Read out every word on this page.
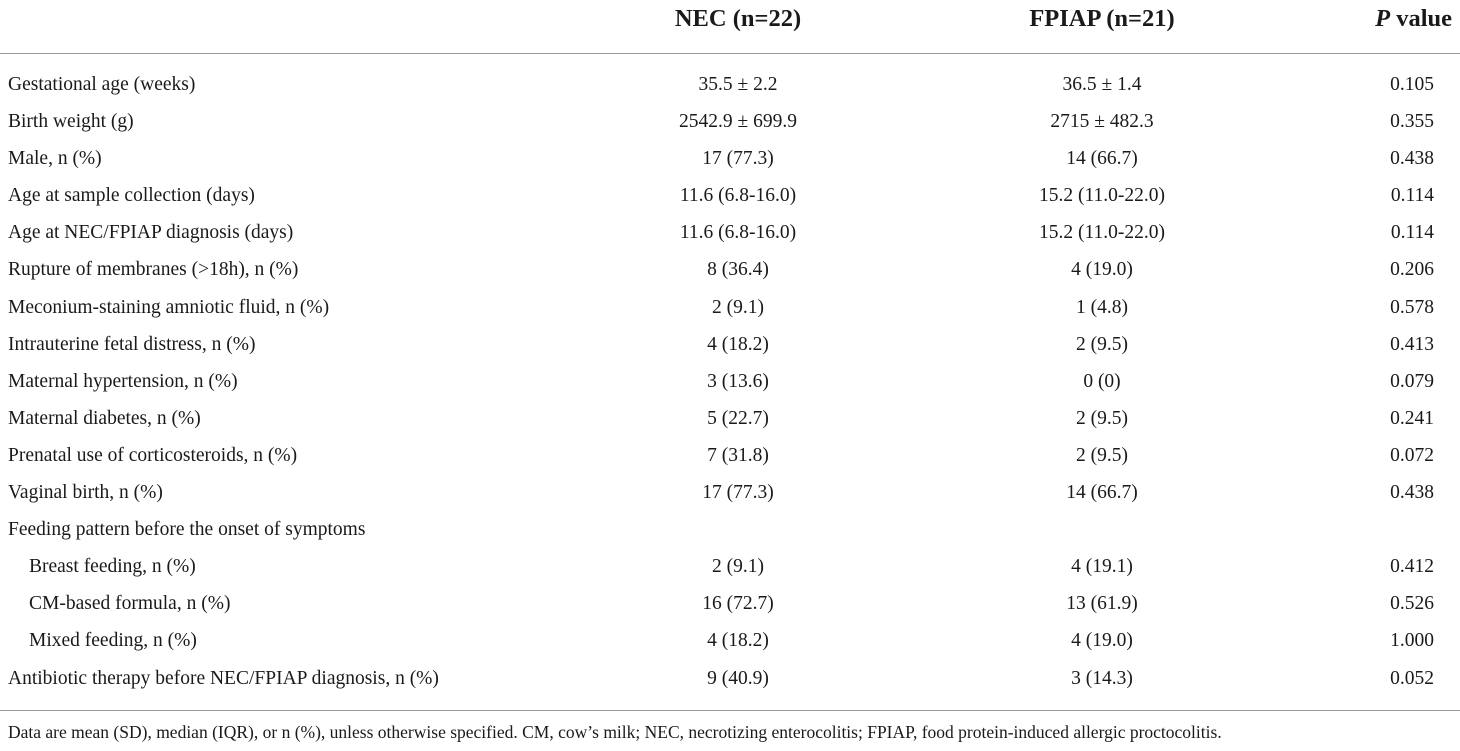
NEC (n=22)	FPIAP (n=21)	P value
Gestational age (weeks)	35.5 ± 2.2	36.5 ± 1.4	0.105
Birth weight (g)	2542.9 ± 699.9	2715 ± 482.3	0.355
Male, n (%)	17 (77.3)	14 (66.7)	0.438
Age at sample collection (days)	11.6 (6.8-16.0)	15.2 (11.0-22.0)	0.114
Age at NEC/FPIAP diagnosis (days)	11.6 (6.8-16.0)	15.2 (11.0-22.0)	0.114
Rupture of membranes (>18h), n (%)	8 (36.4)	4 (19.0)	0.206
Meconium-staining amniotic fluid, n (%)	2 (9.1)	1 (4.8)	0.578
Intrauterine fetal distress, n (%)	4 (18.2)	2 (9.5)	0.413
Maternal hypertension, n (%)	3 (13.6)	0 (0)	0.079
Maternal diabetes, n (%)	5 (22.7)	2 (9.5)	0.241
Prenatal use of corticosteroids, n (%)	7 (31.8)	2 (9.5)	0.072
Vaginal birth, n (%)	17 (77.3)	14 (66.7)	0.438
Feeding pattern before the onset of symptoms
Breast feeding, n (%)	2 (9.1)	4 (19.1)	0.412
CM-based formula, n (%)	16 (72.7)	13 (61.9)	0.526
Mixed feeding, n (%)	4 (18.2)	4 (19.0)	1.000
Antibiotic therapy before NEC/FPIAP diagnosis, n (%)	9 (40.9)	3 (14.3)	0.052
Data are mean (SD), median (IQR), or n (%), unless otherwise specified. CM, cow’s milk; NEC, necrotizing enterocolitis; FPIAP, food protein-induced allergic proctocolitis.
